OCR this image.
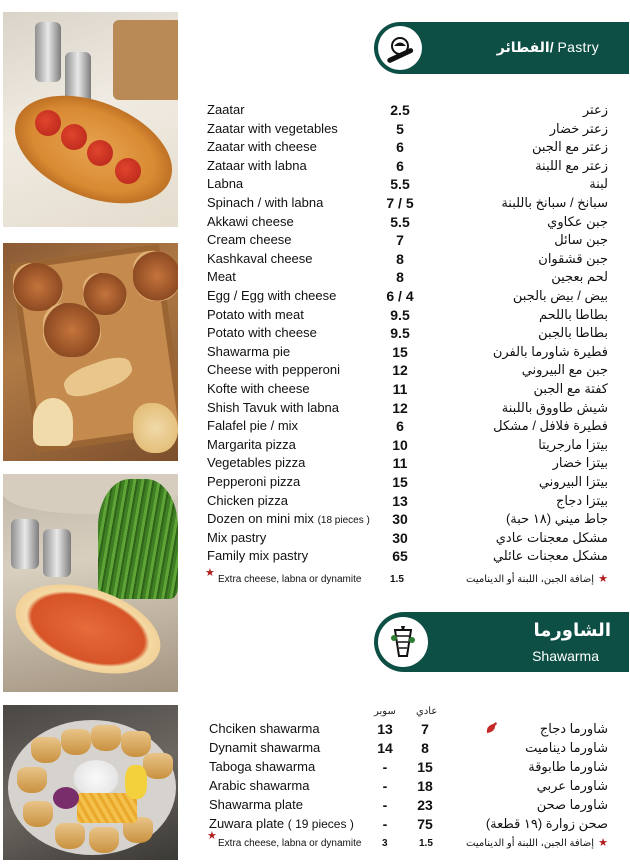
الفطائر/ Pastry
Zaatar	2.5	زعتر
Zaatar with vegetables	5	زعتر خضار
Zaatar with cheese	6	زعتر مع الجبن
Zataar with labna	6	زعتر مع اللبنة
Labna	5.5	لبنة
Spinach / with labna	7 / 5	سبانخ / سبانخ باللبنة
Akkawi cheese	5.5	جبن عكاوي
Cream cheese	7	جبن سائل
Kashkaval cheese	8	جبن قشقوان
Meat	8	لحم بعجين
Egg / Egg with cheese	6 / 4	بيض / بيض بالجبن
Potato with meat	9.5	بطاطا باللحم
Potato with cheese	9.5	بطاطا بالجبن
Shawarma pie	15	فطيرة شاورما بالفرن
Cheese with pepperoni	12	جبن مع البيروني
Kofte with cheese	11	كفتة مع الجبن
Shish Tavuk with labna	12	شيش طاووق باللبنة
Falafel pie / mix	6	فطيرة فلافل / مشكل
Margarita pizza	10	بيتزا مارجريتا
Vegetables pizza	11	بيتزا خضار
Pepperoni pizza	15	بيتزا البيروني
Chicken pizza	13	بيتزا دجاج
Dozen on mini mix (18 pieces )	30	جاط ميني (١٨ حبة)
Mix pastry	30	مشكل معجنات عادي
Family mix pastry	65	مشكل معجنات عائلي
★
Extra cheese, labna or dynamite	1.5	إضافة الجبن، اللبنة أو الديناميت ★
الشاورما
Shawarma
سوبر عادي
Chciken shawarma	13	7	شاورما دجاج
Dynamit shawarma	14	8	شاورما ديناميت
Taboga shawarma	-	15	شاورما طابوقة
Arabic shawarma	-	18	شاورما عربي
Shawarma plate	-	23	شاورما صحن
Zuwara plate ( 19 pieces )	-	75	صحن زوارة (١٩ قطعة)
★
Extra cheese, labna or dynamite 3	1.5	إضافة الجبن، اللبنة أو الديناميت ★
